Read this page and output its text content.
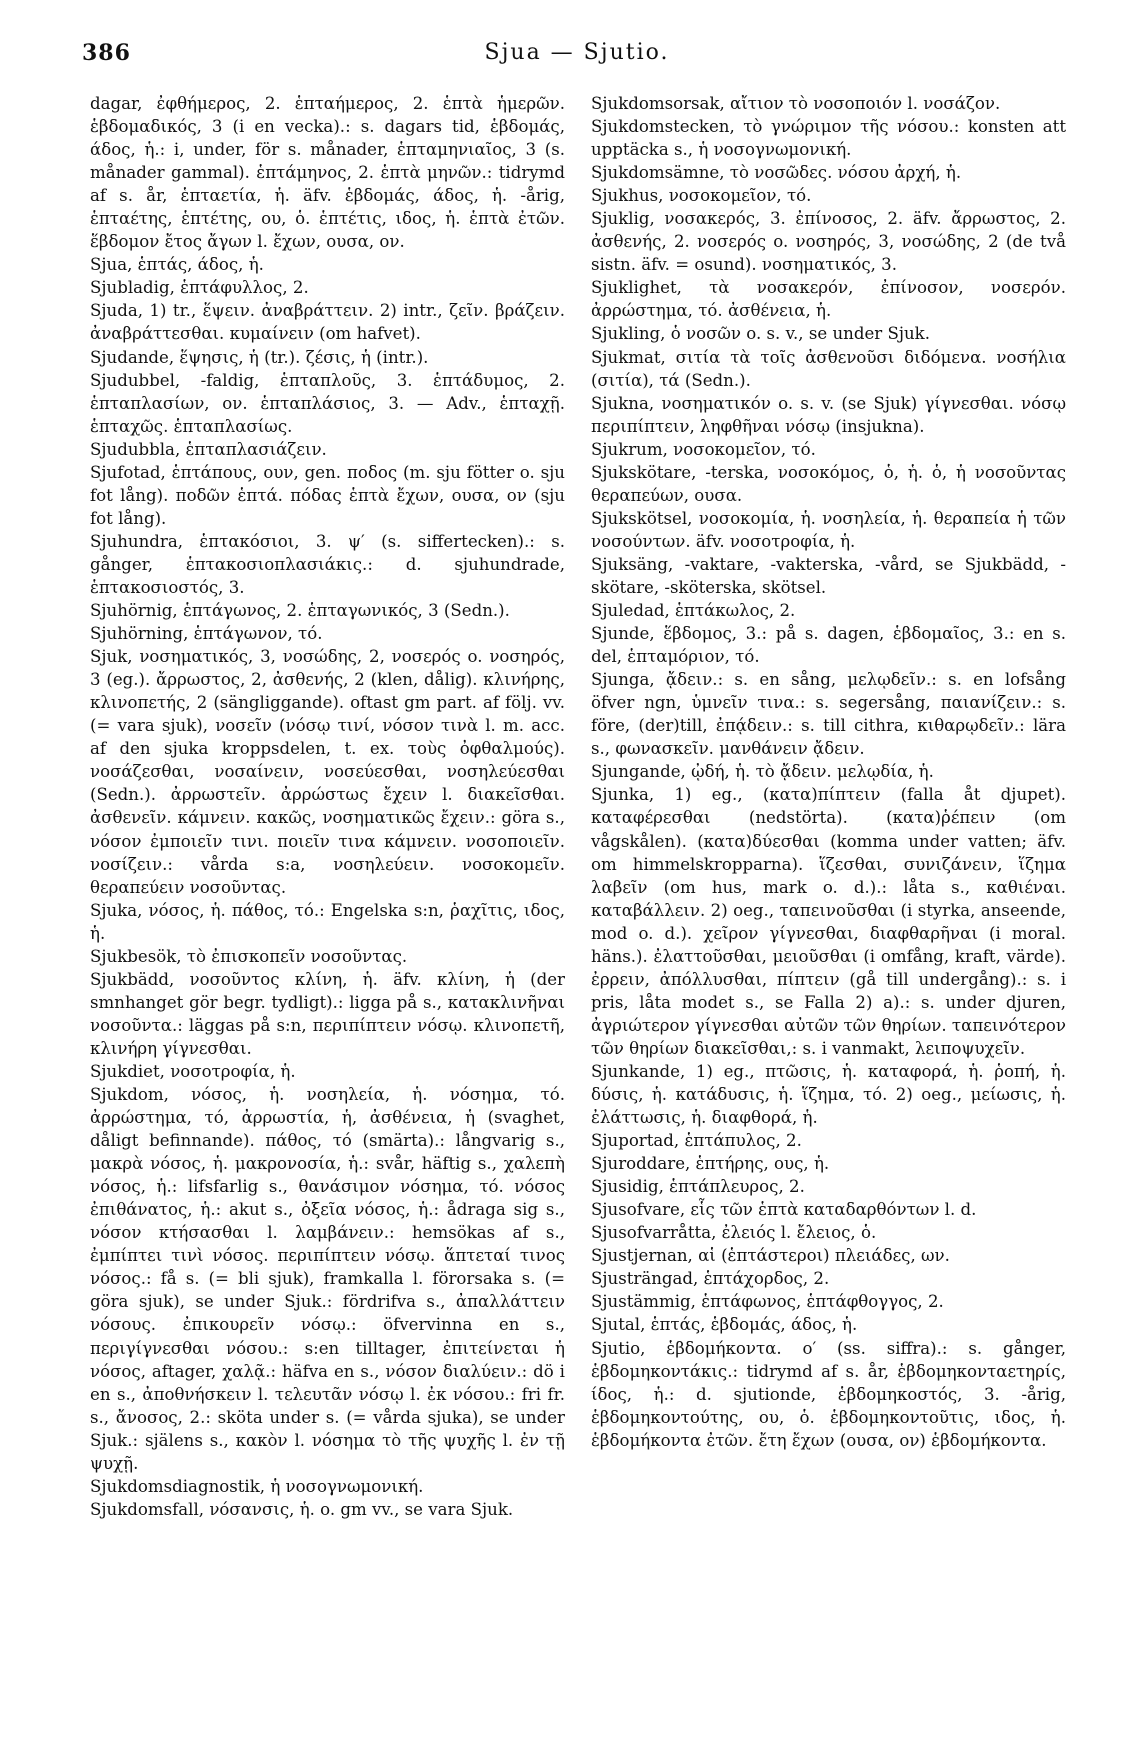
386	Sjua — Sjutio.

dagar, ἐφθήμερος, 2. ἑπταήμερος, 2. ἑπτὰ ἡμερῶν. ἑβδομαδικός, 3 (i en vecka).: s. dagars tid, ἑβδομάς, άδος, ἡ.: i, under, för s. månader, ἑπταμηνιαῖος, 3 (s. månader gammal). ἑπτάμηνος, 2. ἑπτὰ μηνῶν.: tidrymd af s. år, ἑπταετία, ἡ. äfv. ἑβδομάς, άδος, ἡ. -årig, ἑπταέτης, ἑπτέτης, ου, ὁ. ἑπτέτις, ιδος, ἡ. ἑπτὰ ἐτῶν. ἕβδομον ἔτος ἄγων l. ἔχων, ουσα, ον.

Sjua, ἑπτάς, άδος, ἡ.

Sjubladig, ἑπτάφυλλος, 2.

Sjuda, 1) tr., ἕψειν. ἀναβράττειν. 2) intr., ζεῖν. βράζειν. ἀναβράττεσθαι. κυμαίνειν (om hafvet).

Sjudande, ἕψησις, ἡ (tr.). ζέσις, ἡ (intr.).

Sjudubbel, -faldig, ἑπταπλοῦς, 3. ἑπτάδυμος, 2. ἑπταπλασίων, ον. ἑπταπλάσιος, 3. — Adv., ἑπταχῇ. ἑπταχῶς. ἑπταπλασίως.

Sjudubbla, ἑπταπλασιάζειν.

Sjufotad, ἑπτάπους, ουν, gen. ποδος (m. sju fötter o. sju fot lång). ποδῶν ἑπτά. πόδας ἑπτὰ ἔχων, ουσα, ον (sju fot lång).

Sjuhundra, ἑπτακόσιοι, 3. ψ′ (s. siffertecken).: s. gånger, ἑπτακοσιοπλασιάκις.: d. sjuhundrade, ἑπτακοσιοστός, 3.

Sjuhörnig, ἑπτάγωνος, 2. ἑπταγωνικός, 3 (Sedn.).

Sjuhörning, ἑπτάγωνον, τό.

Sjuk, νοσηματικός, 3, νοσώδης, 2, νοσερός o. νοσηρός, 3 (eg.). ἄρρωστος, 2, ἀσθενής, 2 (klen, dålig). κλινήρης, κλινοπετής, 2 (sängliggande). oftast gm part. af följ. vv. (= vara sjuk), νοσεῖν (νόσῳ τινί, νόσον τινὰ l. m. acc. af den sjuka kroppsdelen, t. ex. τοὺς ὀφθαλμούς). νοσάζεσθαι, νοσαίνειν, νοσεύεσθαι, νοσηλεύεσθαι (Sedn.). ἀρρωστεῖν. ἀρρώστως ἔχειν l. διακεῖσθαι. ἀσθενεῖν. κάμνειν. κακῶς, νοσηματικῶς ἔχειν.: göra s., νόσον ἐμποιεῖν τινι. ποιεῖν τινα κάμνειν. νοσοποιεῖν. νοσίζειν.: vårda s:a, νοσηλεύειν. νοσοκομεῖν. θεραπεύειν νοσοῦντας.

Sjuka, νόσος, ἡ. πάθος, τό.: Engelska s:n, ῥαχῖτις, ιδος, ἡ.

Sjukbesök, τὸ ἐπισκοπεῖν νοσοῦντας.

Sjukbädd, νοσοῦντος κλίνη, ἡ. äfv. κλίνη, ἡ (der smnhanget gör begr. tydligt).: ligga på s., κατακλινῆναι νοσοῦντα.: läggas på s:n, περιπίπτειν νόσῳ. κλινοπετῆ, κλινήρη γίγνεσθαι.

Sjukdiet, νοσοτροφία, ἡ.

Sjukdom, νόσος, ἡ. νοσηλεία, ἡ. νόσημα, τό. ἀρρώστημα, τό, ἀρρωστία, ἡ, ἀσθένεια, ἡ (svaghet, dåligt befinnande). πάθος, τό (smärta).: långvarig s., μακρὰ νόσος, ἡ. μακρονοσία, ἡ.: svår, häftig s., χαλεπὴ νόσος, ἡ.: lifsfarlig s., θανάσιμον νόσημα, τό. νόσος ἐπιθάνατος, ἡ.: akut s., ὀξεῖα νόσος, ἡ.: ådraga sig s., νόσον κτήσασθαι l. λαμβάνειν.: hemsökas af s., ἐμπίπτει τινὶ νόσος. περιπίπτειν νόσῳ. ἅπτεταί τινος νόσος.: få s. (= bli sjuk), framkalla l. förorsaka s. (= göra sjuk), se under Sjuk.: fördrifva s., ἀπαλλάττειν νόσους. ἐπικουρεῖν νόσῳ.: öfvervinna en s., περιγίγνεσθαι νόσου.: s:en tilltager, ἐπιτείνεται ἡ νόσος, aftager, χαλᾷ.: häfva en s., νόσον διαλύειν.: dö i en s., ἀποθνήσκειν l. τελευτᾶν νόσῳ l. ἐκ νόσου.: fri fr. s., ἄνοσος, 2.: sköta under s. (= vårda sjuka), se under Sjuk.: själens s., κακὸν l. νόσημα τὸ τῆς ψυχῆς l. ἐν τῇ ψυχῇ.

Sjukdomsdiagnostik, ἡ νοσογνωμονική.

Sjukdomsfall, νόσανσις, ἡ. o. gm vv., se vara Sjuk.

Sjukdomsorsak, αἴτιον τὸ νοσοποιόν l. νοσάζον.

Sjukdomstecken, τὸ γνώριμον τῆς νόσου.: konsten att upptäcka s., ἡ νοσογνωμονική.

Sjukdomsämne, τὸ νοσῶδες. νόσου ἀρχή, ἡ.

Sjukhus, νοσοκομεῖον, τό.

Sjuklig, νοσακερός, 3. ἐπίνοσος, 2. äfv. ἄρρωστος, 2. ἀσθενής, 2. νοσερός o. νοσηρός, 3, νοσώδης, 2 (de två sistn. äfv. = osund). νοσηματικός, 3.

Sjuklighet, τὰ νοσακερόν, ἐπίνοσον, νοσερόν. ἀρρώστημα, τό. ἀσθένεια, ἡ.

Sjukling, ὁ νοσῶν o. s. v., se under Sjuk.

Sjukmat, σιτία τὰ τοῖς ἀσθενοῦσι διδόμενα. νοσήλια (σιτία), τά (Sedn.).

Sjukna, νοσηματικόν o. s. v. (se Sjuk) γίγνεσθαι. νόσῳ περιπίπτειν, ληφθῆναι νόσῳ (insjukna).

Sjukrum, νοσοκομεῖον, τό.

Sjukskötare, -terska, νοσοκόμος, ὁ, ἡ. ὁ, ἡ νοσοῦντας θεραπεύων, ουσα.

Sjukskötsel, νοσοκομία, ἡ. νοσηλεία, ἡ. θεραπεία ἡ τῶν νοσούντων. äfv. νοσοτροφία, ἡ.

Sjuksäng, -vaktare, -vakterska, -vård, se Sjukbädd, -skötare, -sköterska, skötsel.

Sjuledad, ἑπτάκωλος, 2.

Sjunde, ἕβδομος, 3.: på s. dagen, ἑβδομαῖος, 3.: en s. del, ἑπταμόριον, τό.

Sjunga, ᾄδειν.: s. en sång, μελῳδεῖν.: s. en lofsång öfver ngn, ὑμνεῖν τινα.: s. segersång, παιανίζειν.: s. före, (der)till, ἐπᾴδειν.: s. till cithra, κιθαρῳδεῖν.: lära s., φωνασκεῖν. μανθάνειν ᾄδειν.

Sjungande, ᾠδή, ἡ. τὸ ᾄδειν. μελῳδία, ἡ.

Sjunka, 1) eg., (κατα)πίπτειν (falla åt djupet). καταφέρεσθαι (nedstörta). (κατα)ῥέπειν (om vågskålen). (κατα)δύεσθαι (komma under vatten; äfv. om himmelskropparna). ἵζεσθαι, συνιζάνειν, ἵζημα λαβεῖν (om hus, mark o. d.).: låta s., καθιέναι. καταβάλλειν. 2) oeg., ταπεινοῦσθαι (i styrka, anseende, mod o. d.). χεῖρον γίγνεσθαι, διαφθαρῆναι (i moral. häns.). ἐλαττοῦσθαι, μειοῦσθαι (i omfång, kraft, värde). ἐρρειν, ἀπόλλυσθαι, πίπτειν (gå till undergång).: s. i pris, låta modet s., se Falla 2) a).: s. under djuren, ἀγριώτερον γίγνεσθαι αὐτῶν τῶν θηρίων. ταπεινότερον τῶν θηρίων διακεῖσθαι,: s. i vanmakt, λειποψυχεῖν.

Sjunkande, 1) eg., πτῶσις, ἡ. καταφορά, ἡ. ῥοπή, ἡ. δύσις, ἡ. κατάδυσις, ἡ. ἵζημα, τό. 2) oeg., μείωσις, ἡ. ἐλάττωσις, ἡ. διαφθορά, ἡ.

Sjuportad, ἑπτάπυλος, 2.

Sjuroddare, ἑπτήρης, ους, ἡ.

Sjusidig, ἑπτάπλευρος, 2.

Sjusofvare, εἷς τῶν ἑπτὰ καταδαρθόντων l. d.

Sjusofvarråtta, ἐλειός l. ἔλειος, ὁ.

Sjustjernan, αἱ (ἑπτάστεροι) πλειάδες, ων.

Sjusträngad, ἑπτάχορδος, 2.

Sjustämmig, ἑπτάφωνος, ἑπτάφθογγος, 2.

Sjutal, ἑπτάς, ἑβδομάς, άδος, ἡ.

Sjutio, ἑβδομήκοντα. ο′ (ss. siffra).: s. gånger, ἑβδομηκοντάκις.: tidrymd af s. år, ἑβδομηκονταετηρίς, ίδος, ἡ.: d. sjutionde, ἑβδομηκοστός, 3. -årig, ἑβδομηκοντούτης, ου, ὁ. ἑβδομηκοντοῦτις, ιδος, ἡ. ἑβδομήκοντα ἐτῶν. ἔτη ἔχων (ουσα, ον) ἑβδομήκοντα.
